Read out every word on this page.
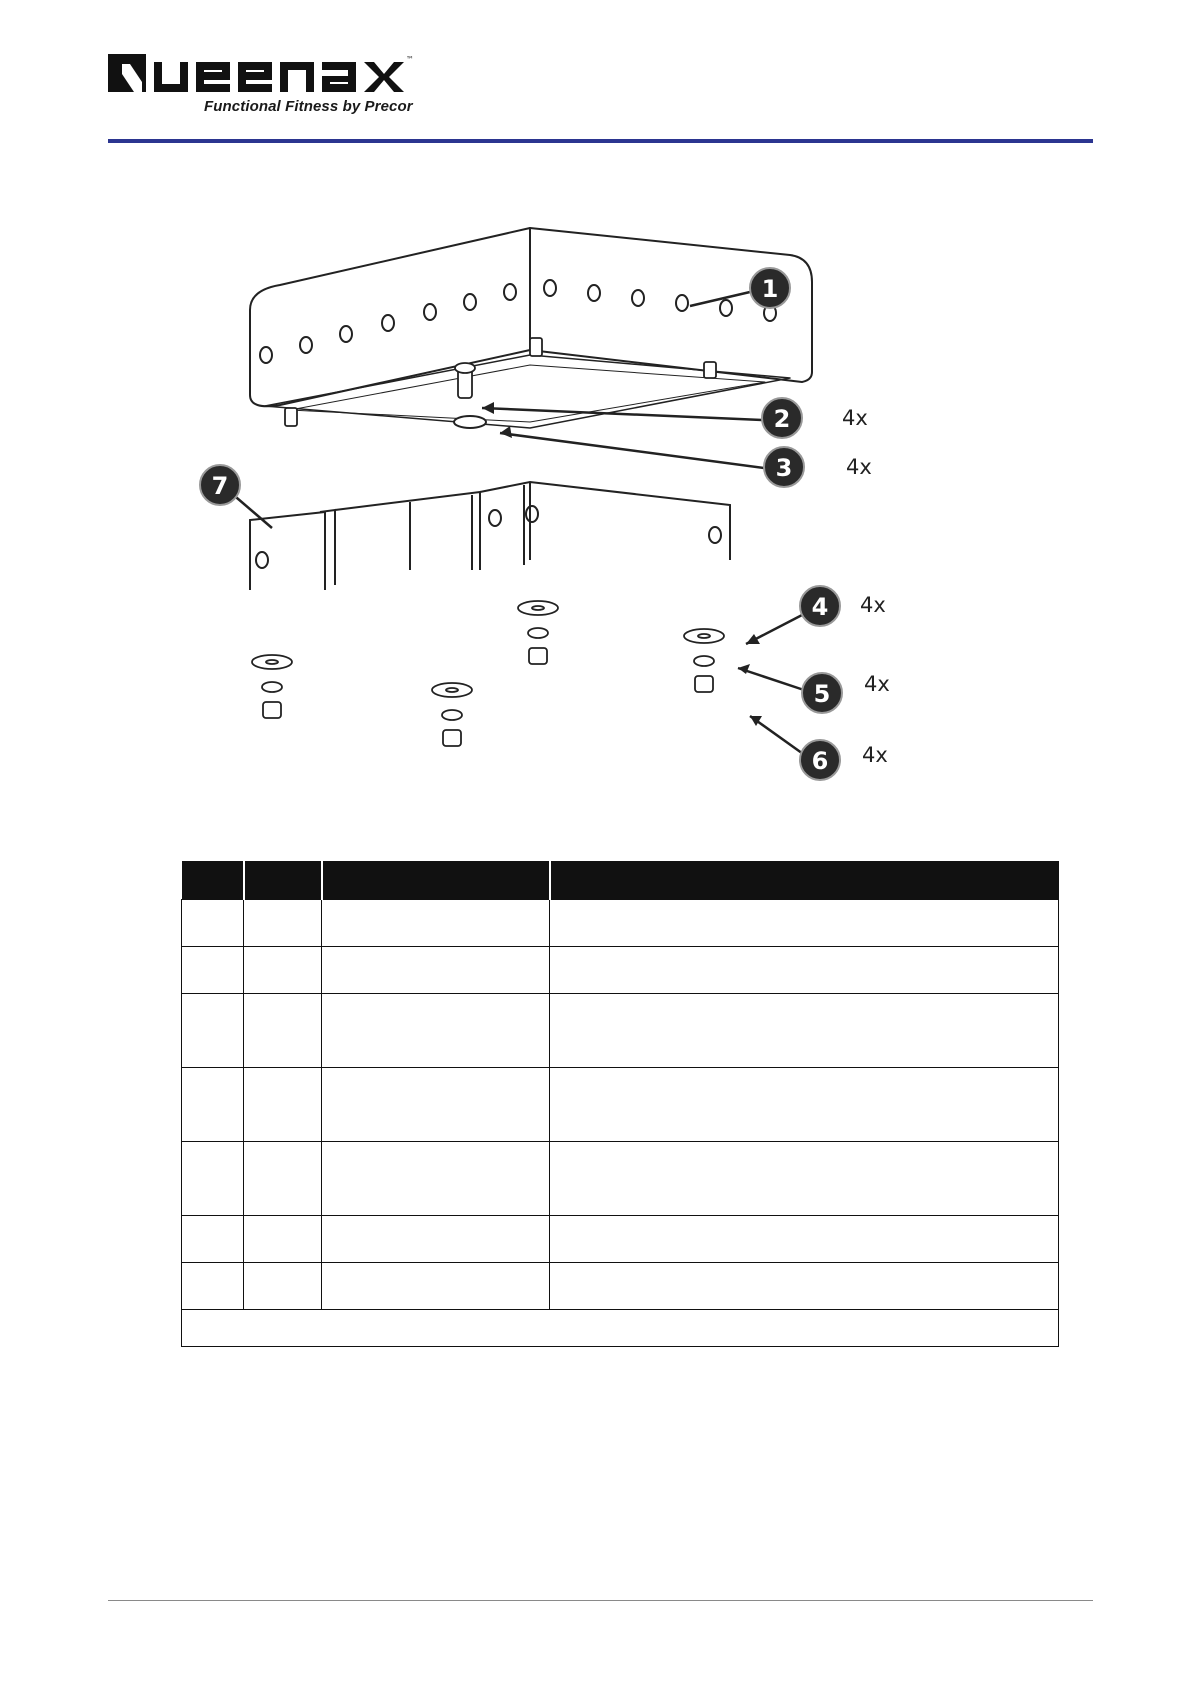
™
Functional Fitness by Precor
1
2 4x
3	4x
7
4 4x
5 4x
6 4x
